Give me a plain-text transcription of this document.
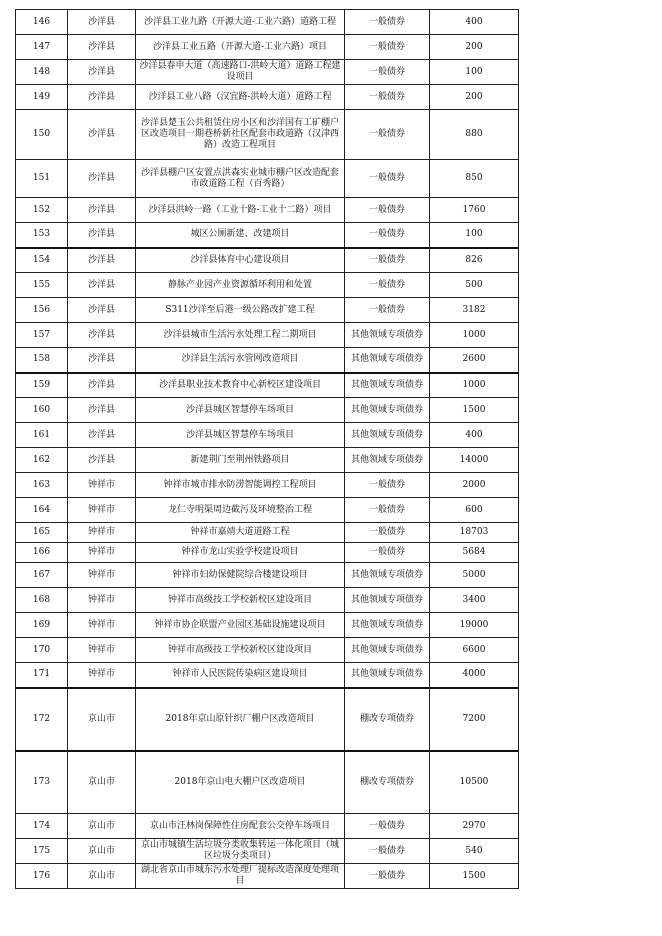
146	沙洋县	沙洋县工业九路（开源大道-工业六路）道路工程	一般债券	400
147	沙洋县	沙洋县工业五路（开源大道-工业六路）项目	一般债券	200
148	沙洋县	沙洋县春申大道（高速路口-洪岭大道）道路工程建设项目	一般债券	100
149	沙洋县	沙洋县工业八路（汉宜路-洪岭大道）道路工程	一般债券	200
150	沙洋县	沙洋县楚玉公共租赁住房小区和沙洋国有工矿棚户区改造项目一期巷桥新社区配套市政道路（汉津西路）改造工程项目	一般债券	880
151	沙洋县	沙洋县棚户区安置点洪森实业城市棚户区改造配套市政道路工程（百秀路）	一般债券	850
152	沙洋县	沙洋县洪岭一路（工业十路-工业十二路）项目	一般债券	1760
153	沙洋县	城区公厕新建、改建项目	一般债券	100
154	沙洋县	沙洋县体育中心建设项目	一般债券	826
155	沙洋县	静脉产业园产业资源循环利用和处置	一般债券	500
156	沙洋县	S311沙洋至后港一级公路改扩建工程	一般债券	3182
157	沙洋县	沙洋县城市生活污水处理工程二期项目	其他领域专项债券	1000
158	沙洋县	沙洋县生活污水管网改造项目	其他领域专项债券	2600
159	沙洋县	沙洋县职业技术教育中心新校区建设项目	其他领域专项债券	1000
160	沙洋县	沙洋县城区智慧停车场项目	其他领域专项债券	1500
161	沙洋县	沙洋县城区智慧停车场项目	其他领域专项债券	400
162	沙洋县	新建荆门至荆州铁路项目	其他领域专项债券	14000
163	钟祥市	钟祥市城市排水防涝智能调控工程项目	一般债券	2000
164	钟祥市	龙仁寺明渠周边截污及环境整治工程	一般债券	600
165	钟祥市	钟祥市嘉靖大道道路工程	一般债券	18703
166	钟祥市	钟祥市龙山实验学校建设项目	一般债券	5684
167	钟祥市	钟祥市妇幼保健院综合楼建设项目	其他领域专项债券	5000
168	钟祥市	钟祥市高级技工学校新校区建设项目	其他领域专项债券	3400
169	钟祥市	钟祥市协企联盟产业园区基础设施建设项目	其他领域专项债券	19000
170	钟祥市	钟祥市高级技工学校新校区建设项目	其他领域专项债券	6600
171	钟祥市	钟祥市人民医院传染病区建设项目	其他领域专项债券	4000
172	京山市	2018年京山原针织厂棚户区改造项目	棚改专项债券	7200
173	京山市	2018年京山电大棚户区改造项目	棚改专项债券	10500
174	京山市	京山市汪林岗保障性住房配套公交停车场项目	一般债券	2970
175	京山市	京山市城镇生活垃圾分类收集转运一体化项目（城区垃圾分类项目）	一般债券	540
176	京山市	湖北省京山市城东污水处理厂提标改造深度处理项目	一般债券	1500
